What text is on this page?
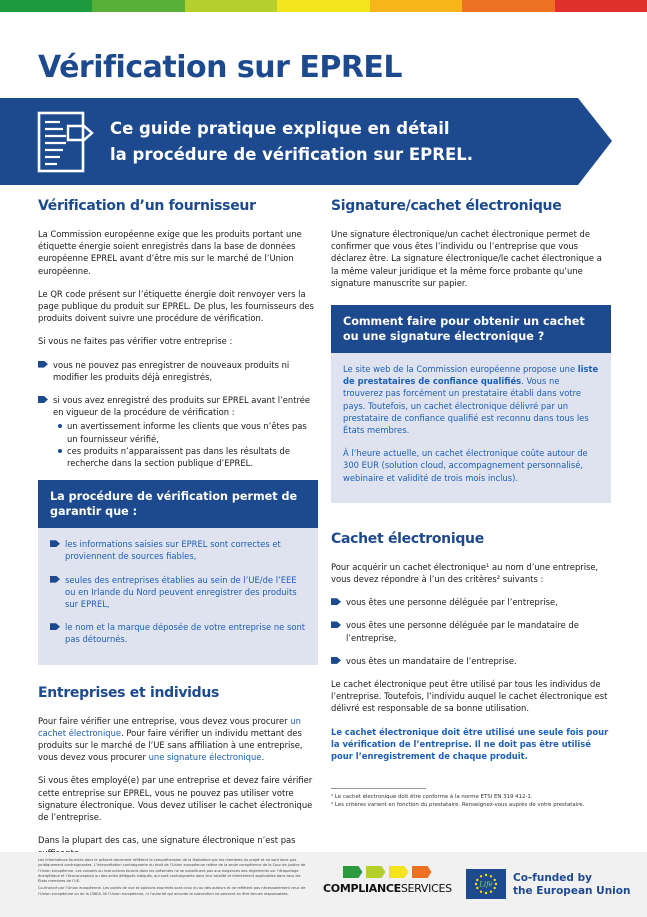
Vérification sur EPREL
Ce guide pratique explique en détail
la procédure de vérification sur EPREL.
Vérification d’un fournisseur

La Commission européenne exige que les produits portant une étiquette énergie soient enregistrés dans la base de données européenne EPREL avant d’être mis sur le marché de l’Union européenne.

Le QR code présent sur l’étiquette énergie doit renvoyer vers la page publique du produit sur EPREL. De plus, les fournisseurs des produits doivent suivre une procédure de vérification.

Si vous ne faites pas vérifier votre entreprise :

vous ne pouvez pas enregistrer de nouveaux produits ni modifier les produits déjà enregistrés,
si vous avez enregistré des produits sur EPREL avant l’entrée en vigueur de la procédure de vérification :
un avertissement informe les clients que vous n’êtes pas un fournisseur vérifié,
ces produits n’apparaissent pas dans les résultats de recherche dans la section publique d’EPREL.
La procédure de vérification permet de garantir que :
les informations saisies sur EPREL sont correctes et proviennent de sources fiables,
seules des entreprises établies au sein de l’UE/de l’EEE ou en Irlande du Nord peuvent enregistrer des produits sur EPREL,
le nom et la marque déposée de votre entreprise ne sont pas détournés.
Entreprises et individus

Pour faire vérifier une entreprise, vous devez vous procurer un cachet électronique. Pour faire vérifier un individu mettant des produits sur le marché de l’UE sans affiliation à une entreprise, vous devez vous procurer une signature électronique.

Si vous êtes employé(e) par une entreprise et devez faire vérifier cette entreprise sur EPREL, vous ne pouvez pas utiliser votre signature électronique. Vous devez utiliser le cachet électronique de l’entreprise.

Dans la plupart des cas, une signature électronique n’est pas

Signature/cachet électronique

Une signature électronique/un cachet électronique permet de confirmer que vous êtes l’individu ou l’entreprise que vous déclarez être. La signature électronique/le cachet électronique a la même valeur juridique et la même force probante qu’une signature manuscrite sur papier.

Comment faire pour obtenir un cachet ou une signature électronique ?

Le site web de la Commission européenne propose une liste de prestataires de confiance qualifiés. Vous ne trouverez pas forcément un prestataire établi dans votre pays. Toutefois, un cachet électronique délivré par un prestataire de confiance qualifié est reconnu dans tous les États membres.

À l’heure actuelle, un cachet électronique coûte autour de 300 EUR (solution cloud, accompagnement personnalisé, webinaire et validité de trois mois inclus).

Cachet électronique

Pour acquérir un cachet électronique¹ au nom d’une entreprise, vous devez répondre à l’un des critères² suivants :

vous êtes une personne déléguée par l’entreprise,
vous êtes une personne déléguée par le mandataire de l’entreprise,
vous êtes un mandataire de l’entreprise.

Le cachet électronique peut être utilisé par tous les individus de l’entreprise. Toutefois, l’individu auquel le cachet électronique est délivré est responsable de sa bonne utilisation.

Le cachet électronique doit être utilisé une seule fois pour la vérification de l’entreprise. Il ne doit pas être utilisé pour l’enregistrement de chaque produit.

¹ Le cachet électronique doit être conforme à la norme ETSI EN 319 412-1.
² Les critères varient en fonction du prestataire. Renseignez-vous auprès de votre prestataire.
Les informations fournies dans le présent document reflètent la compréhension de la législation par les membres du projet et ne sont donc pas juridiquement contraignantes. L’interprétation contraignante du droit de l’Union européenne relève de la seule compétence de la Cour de justice de l’Union européenne. Les conseils ou instructions fournis dans les présentes ne se substituent pas aux exigences des règlements sur l’étiquetage énergétique et l’écoconception ou des actes délégués indiqués, qui sont contraignants dans leur totalité et directement applicables dans tous les États membres de l’UE.
Co-financé par l’Union européenne. Les points de vue et opinions exprimés sont ceux du ou des auteurs et ne reflètent pas nécessairement ceux de l’Union européenne ou de la CINEA. Ni l’Union européenne, ni l’autorité qui accorde la subvention ne peuvent en être tenues responsables.	COMPLIANCESERVICES	Life
Co-funded by
the European Union
